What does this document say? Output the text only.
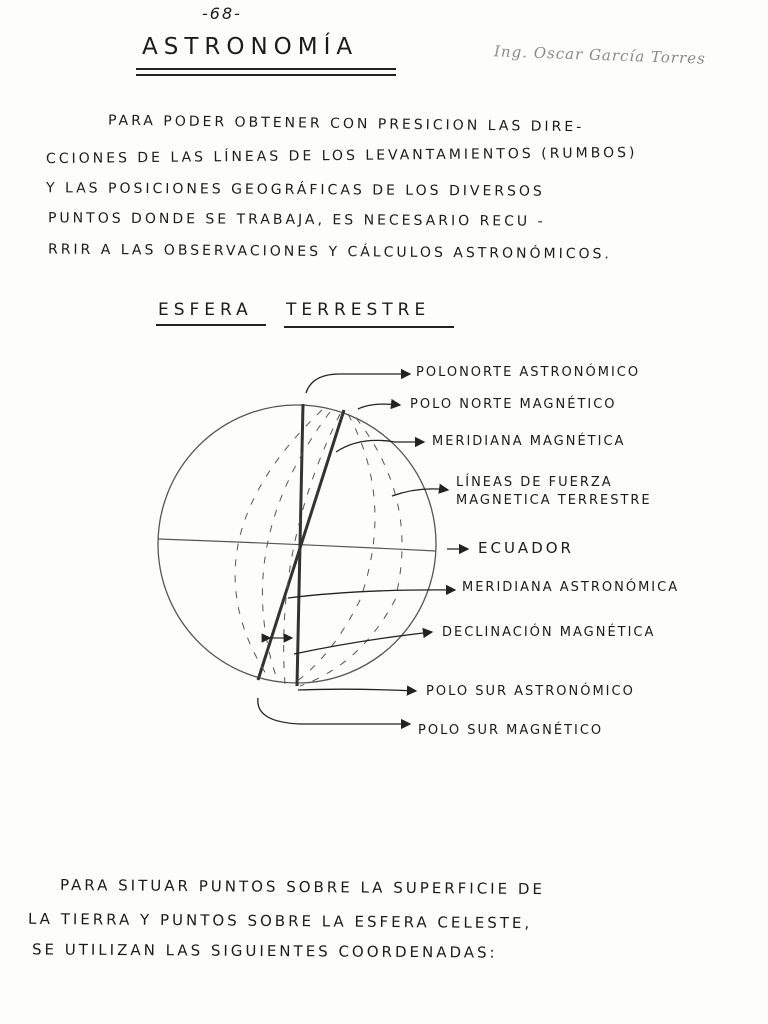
-68-
ASTRONOMÍA	Ing. Oscar García Torres
PARA PODER OBTENER CON PRESICION LAS DIRE-
CCIONES DE LAS LÍNEAS DE LOS LEVANTAMIENTOS (RUMBOS)
Y LAS POSICIONES GEOGRÁFICAS DE LOS DIVERSOS
PUNTOS DONDE SE TRABAJA, ES NECESARIO RECU -
RRIR A LAS OBSERVACIONES Y CÁLCULOS ASTRONÓMICOS.
ESFERA TERRESTRE
POLONORTE ASTRONÓMICO
POLO NORTE MAGNÉTICO
MERIDIANA MAGNÉTICA
LÍNEAS DE FUERZA
MAGNETICA TERRESTRE
ECUADOR
MERIDIANA ASTRONÓMICA
DECLINACIÓN MAGNÉTICA
POLO SUR ASTRONÓMICO
POLO SUR MAGNÉTICO
PARA SITUAR PUNTOS SOBRE LA SUPERFICIE DE
LA TIERRA Y PUNTOS SOBRE LA ESFERA CELESTE,
SE UTILIZAN LAS SIGUIENTES COORDENADAS:
